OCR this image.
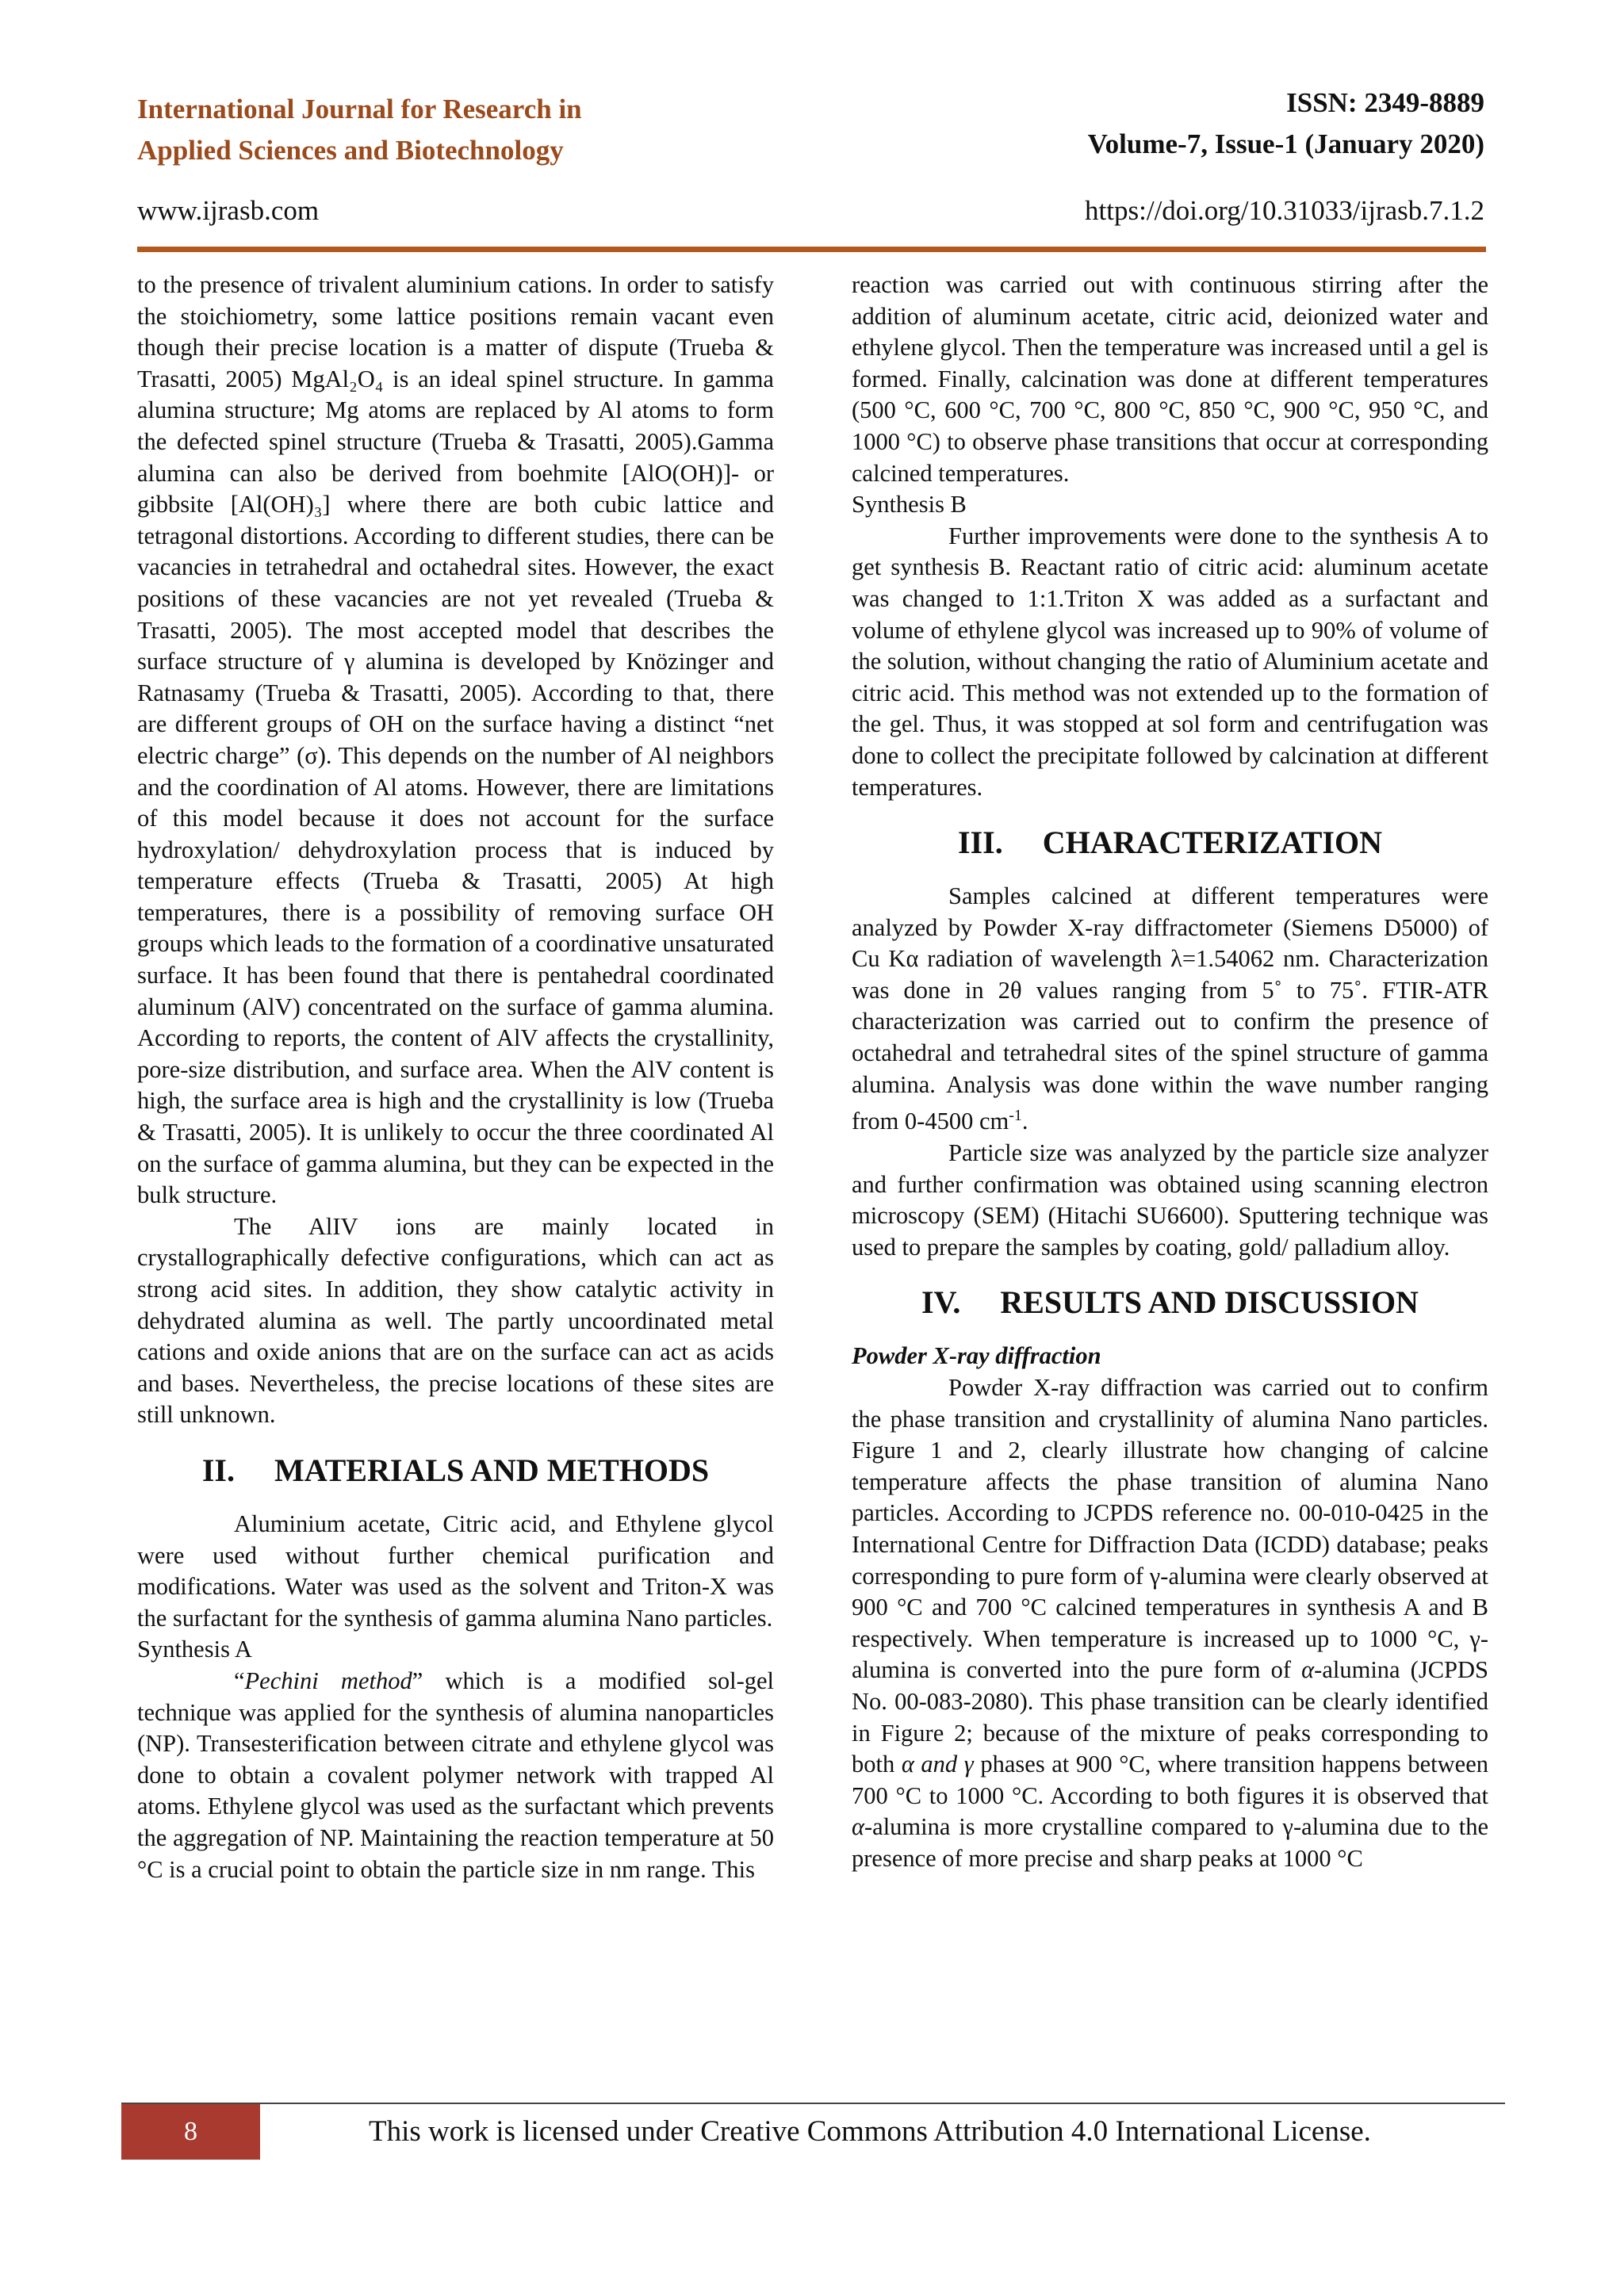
International Journal for Research in
Applied Sciences and Biotechnology
ISSN: 2349-8889
Volume-7, Issue-1 (January 2020)
www.ijrasb.com	https://doi.org/10.31033/ijrasb.7.1.2

to the presence of trivalent aluminium cations. In order to satisfy the stoichiometry, some lattice positions remain vacant even though their precise location is a matter of dispute (Trueba & Trasatti, 2005) MgAl₂O₄ is an ideal spinel structure. In gamma alumina structure; Mg atoms are replaced by Al atoms to form the defected spinel structure (Trueba & Trasatti, 2005).Gamma alumina can also be derived from boehmite [AlO(OH)]- or gibbsite [Al(OH)₃] where there are both cubic lattice and tetragonal distortions. According to different studies, there can be vacancies in tetrahedral and octahedral sites. However, the exact positions of these vacancies are not yet revealed (Trueba & Trasatti, 2005). The most accepted model that describes the surface structure of γ alumina is developed by Knözinger and Ratnasamy (Trueba & Trasatti, 2005). According to that, there are different groups of OH on the surface having a distinct “net electric charge” (σ). This depends on the number of Al neighbors and the coordination of Al atoms. However, there are limitations of this model because it does not account for the surface hydroxylation/ dehydroxylation process that is induced by temperature effects (Trueba & Trasatti, 2005) At high temperatures, there is a possibility of removing surface OH groups which leads to the formation of a coordinative unsaturated surface. It has been found that there is pentahedral coordinated aluminum (AlV) concentrated on the surface of gamma alumina. According to reports, the content of AlV affects the crystallinity, pore-size distribution, and surface area. When the AlV content is high, the surface area is high and the crystallinity is low (Trueba & Trasatti, 2005). It is unlikely to occur the three coordinated Al on the surface of gamma alumina, but they can be expected in the bulk structure.

The AlIV ions are mainly located in crystallographically defective configurations, which can act as strong acid sites. In addition, they show catalytic activity in dehydrated alumina as well. The partly uncoordinated metal cations and oxide anions that are on the surface can act as acids and bases. Nevertheless, the precise locations of these sites are still unknown.

II. MATERIALS AND METHODS

Aluminium acetate, Citric acid, and Ethylene glycol were used without further chemical purification and modifications. Water was used as the solvent and Triton-X was the surfactant for the synthesis of gamma alumina Nano particles.

Synthesis A

“Pechini method” which is a modified sol-gel technique was applied for the synthesis of alumina nanoparticles (NP). Transesterification between citrate and ethylene glycol was done to obtain a covalent polymer network with trapped Al atoms. Ethylene glycol was used as the surfactant which prevents the aggregation of NP. Maintaining the reaction temperature at 50 °C is a crucial point to obtain the particle size in nm range. This

reaction was carried out with continuous stirring after the addition of aluminum acetate, citric acid, deionized water and ethylene glycol. Then the temperature was increased until a gel is formed. Finally, calcination was done at different temperatures (500 °C, 600 °C, 700 °C, 800 °C, 850 °C, 900 °C, 950 °C, and 1000 °C) to observe phase transitions that occur at corresponding calcined temperatures.

Synthesis B

Further improvements were done to the synthesis A to get synthesis B. Reactant ratio of citric acid: aluminum acetate was changed to 1:1.Triton X was added as a surfactant and volume of ethylene glycol was increased up to 90% of volume of the solution, without changing the ratio of Aluminium acetate and citric acid. This method was not extended up to the formation of the gel. Thus, it was stopped at sol form and centrifugation was done to collect the precipitate followed by calcination at different temperatures.

III. CHARACTERIZATION

Samples calcined at different temperatures were analyzed by Powder X-ray diffractometer (Siemens D5000) of Cu Kα radiation of wavelength λ=1.54062 nm. Characterization was done in 2θ values ranging from 5˚ to 75˚. FTIR-ATR characterization was carried out to confirm the presence of octahedral and tetrahedral sites of the spinel structure of gamma alumina. Analysis was done within the wave number ranging from 0-4500 $cm^{-1}$.

Particle size was analyzed by the particle size analyzer and further confirmation was obtained using scanning electron microscopy (SEM) (Hitachi SU6600). Sputtering technique was used to prepare the samples by coating, gold/ palladium alloy.

IV. RESULTS AND DISCUSSION

Powder X-ray diffraction

Powder X-ray diffraction was carried out to confirm the phase transition and crystallinity of alumina Nano particles. Figure 1 and 2, clearly illustrate how changing of calcine temperature affects the phase transition of alumina Nano particles. According to JCPDS reference no. 00-010-0425 in the International Centre for Diffraction Data (ICDD) database; peaks corresponding to pure form of γ-alumina were clearly observed at 900 °C and 700 °C calcined temperatures in synthesis A and B respectively. When temperature is increased up to 1000 °C, γ-alumina is converted into the pure form of α-alumina (JCPDS No. 00-083-2080). This phase transition can be clearly identified in Figure 2; because of the mixture of peaks corresponding to both α and γ phases at 900 °C, where transition happens between 700 °C to 1000 °C. According to both figures it is observed that α-alumina is more crystalline compared to γ-alumina due to the presence of more precise and sharp peaks at 1000 °C

8	This work is licensed under Creative Commons Attribution 4.0 International License.
